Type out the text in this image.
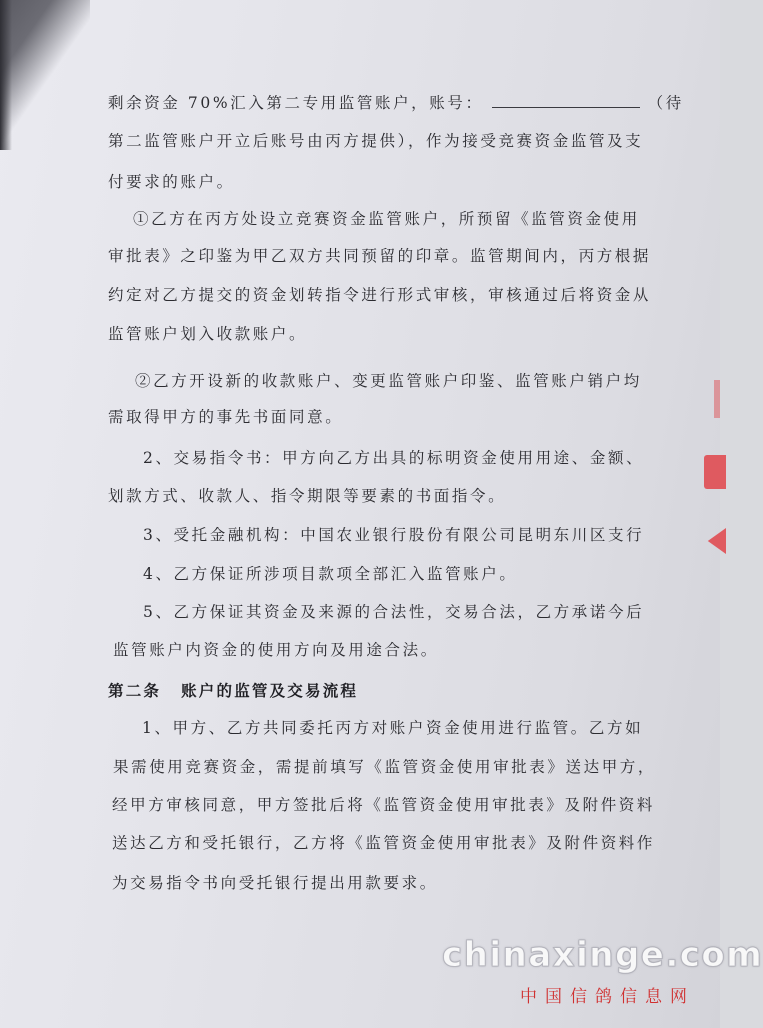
剩余资金 70%汇入第二专用监管账户，账号：	（待

第二监管账户开立后账号由丙方提供），作为接受竞赛资金监管及支

付要求的账户。

①乙方在丙方处设立竞赛资金监管账户，所预留《监管资金使用

审批表》之印鉴为甲乙双方共同预留的印章。监管期间内，丙方根据

约定对乙方提交的资金划转指令进行形式审核，审核通过后将资金从

监管账户划入收款账户。

②乙方开设新的收款账户、变更监管账户印鉴、监管账户销户均

需取得甲方的事先书面同意。

2、交易指令书：甲方向乙方出具的标明资金使用用途、金额、

划款方式、收款人、指令期限等要素的书面指令。

3、受托金融机构：中国农业银行股份有限公司昆明东川区支行

4、乙方保证所涉项目款项全部汇入监管账户。

5、乙方保证其资金及来源的合法性，交易合法，乙方承诺今后

监管账户内资金的使用方向及用途合法。

第二条 账户的监管及交易流程

1、甲方、乙方共同委托丙方对账户资金使用进行监管。乙方如

果需使用竞赛资金，需提前填写《监管资金使用审批表》送达甲方，

经甲方审核同意，甲方签批后将《监管资金使用审批表》及附件资料

送达乙方和受托银行，乙方将《监管资金使用审批表》及附件资料作

为交易指令书向受托银行提出用款要求。

chinaxinge.com
中国信鸽信息网
